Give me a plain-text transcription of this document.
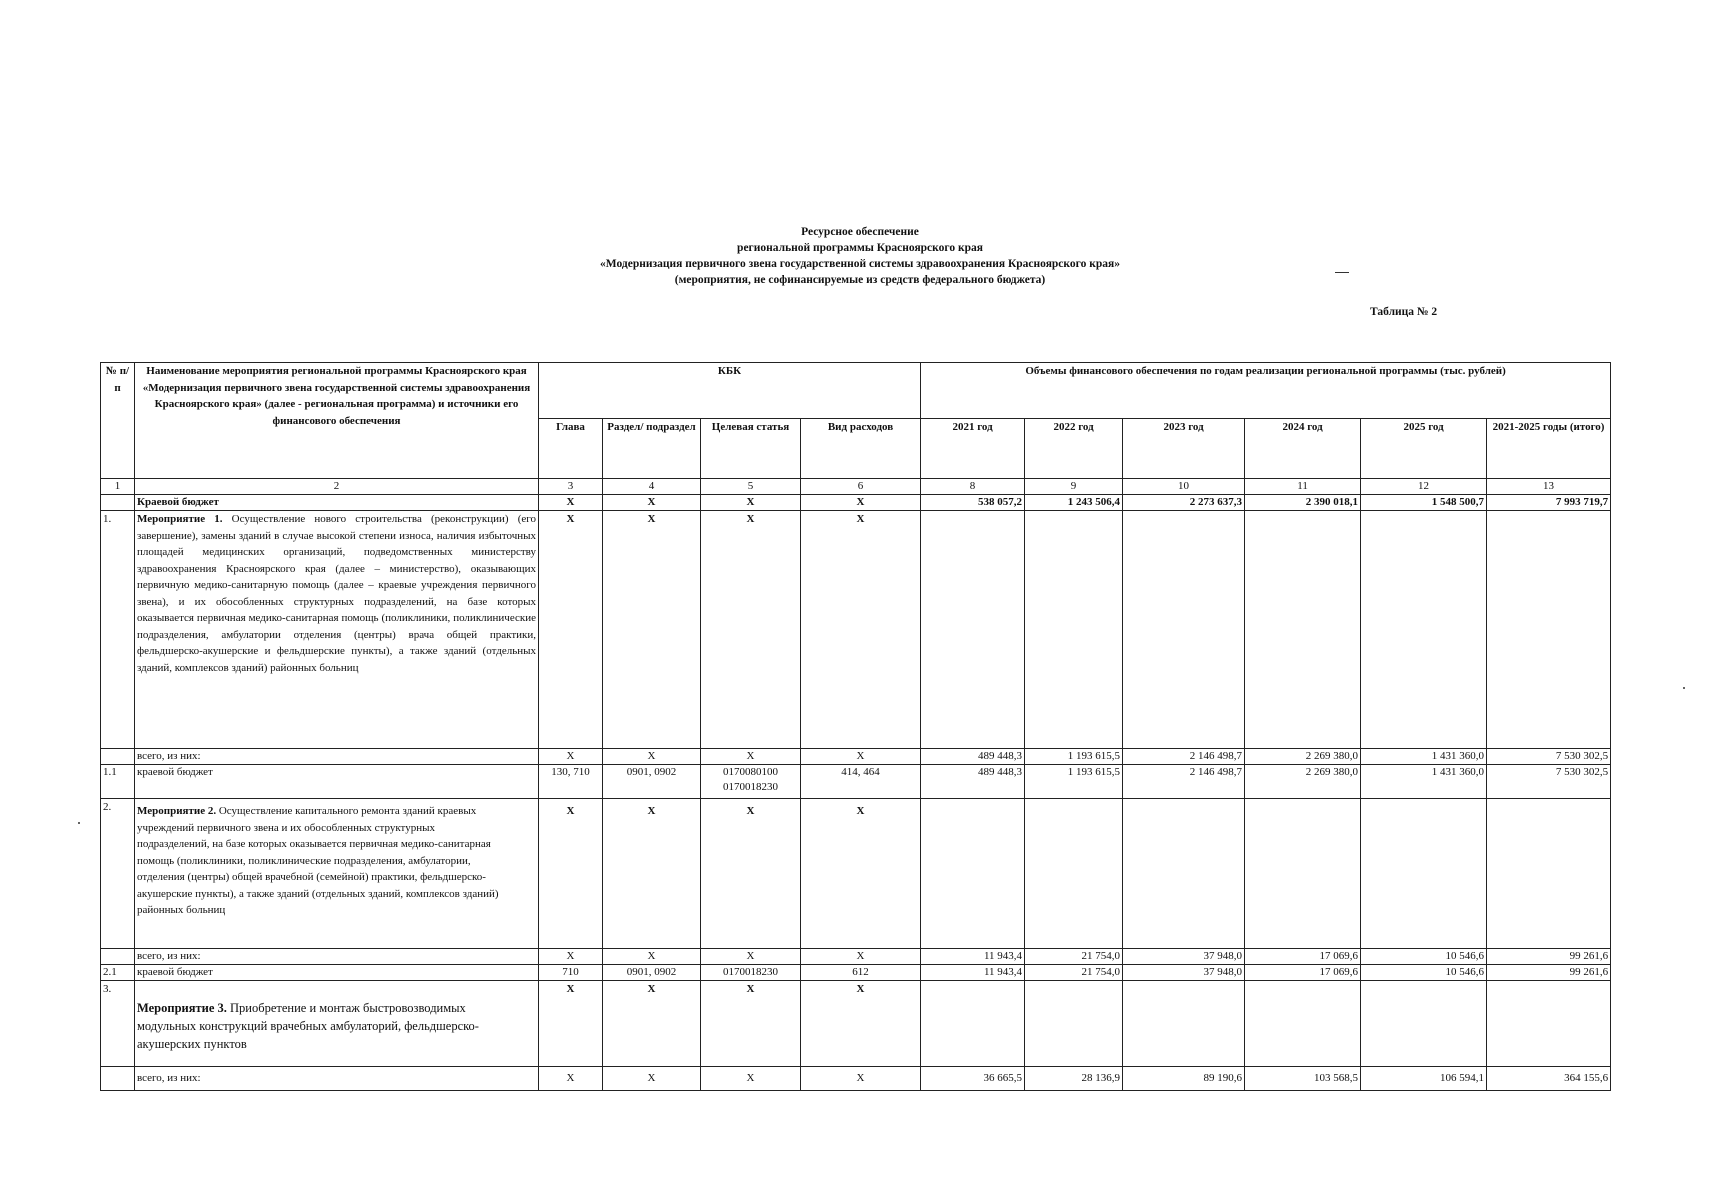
Ресурсное обеспечение
региональной программы Красноярского края
«Модернизация первичного звена государственной системы здравоохранения Красноярского края»
(мероприятия, не софинансируемые из средств федерального бюджета)
Таблица № 2
№ п/п	Наименование мероприятия региональной программы Красноярского края «Модернизация первичного звена государственной системы здравоохранения Красноярского края» (далее - региональная программа) и источники его финансового обеспечения	КБК				Объемы финансового обеспечения по годам реализации региональной программы (тыс. рублей)					
		Глава	Раздел/ подраздел	Целевая статья	Вид расходов	2021 год	2022 год	2023 год	2024 год	2025 год	2021-2025 годы (итого)
1	2	3	4	5	6	8	9	10	11	12	13
	Краевой бюджет	X	X	X	X	538 057,2	1 243 506,4	2 273 637,3	2 390 018,1	1 548 500,7	7 993 719,7
1.	Мероприятие 1. Осуществление нового строительства (реконструкции) (его завершение), замены зданий в случае высокой степени износа, наличия избыточных площадей медицинских организаций, подведомственных министерству здравоохранения Красноярского края (далее – министерство), оказывающих первичную медико-санитарную помощь (далее – краевые учреждения первичного звена), и их обособленных структурных подразделений, на базе которых оказывается первичная медико-санитарная помощь (поликлиники, поликлинические подразделения, амбулатории отделения (центры) врача общей практики, фельдшерско-акушерские и фельдшерские пункты), а также зданий (отдельных зданий, комплексов зданий) районных больниц	X	X	X	X						
	всего, из них:	X	X	X	X	489 448,3	1 193 615,5	2 146 498,7	2 269 380,0	1 431 360,0	7 530 302,5
1.1	краевой бюджет	130, 710	0901, 0902	0170080100 0170018230	414, 464	489 448,3	1 193 615,5	2 146 498,7	2 269 380,0	1 431 360,0	7 530 302,5
2.	Мероприятие 2. Осуществление капитального ремонта зданий краевых учреждений первичного звена и их обособленных структурных подразделений, на базе которых оказывается первичная медико-санитарная помощь (поликлиники, поликлинические подразделения, амбулатории, отделения (центры) общей врачебной (семейной) практики, фельдшерско-акушерские пункты), а также зданий (отдельных зданий, комплексов зданий) районных больниц	X	X	X	X						
	всего, из них:	X	X	X	X	11 943,4	21 754,0	37 948,0	17 069,6	10 546,6	99 261,6
2.1	краевой бюджет	710	0901, 0902	0170018230	612	11 943,4	21 754,0	37 948,0	17 069,6	10 546,6	99 261,6
3.	Мероприятие 3. Приобретение и монтаж быстровозводимых модульных конструкций врачебных амбулаторий, фельдшерско-акушерских пунктов	X	X	X	X						
	всего, из них:	X	X	X	X	36 665,5	28 136,9	89 190,6	103 568,5	106 594,1	364 155,6
